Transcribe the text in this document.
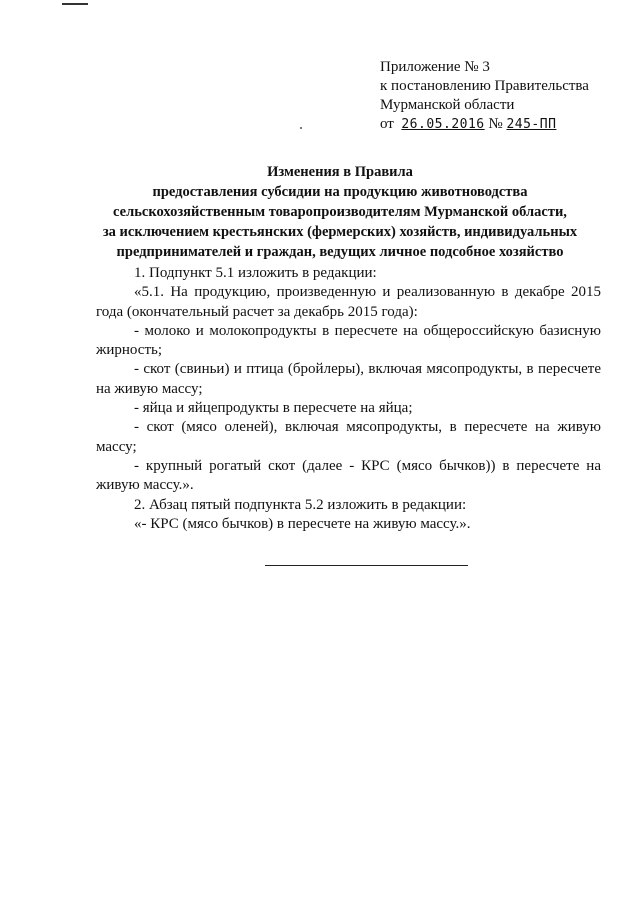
Приложение № 3
к постановлению Правительства
Мурманской области
от 26.05.2016 № 245-ПП
Изменения в Правила
предоставления субсидии на продукцию животноводства
сельскохозяйственным товаропроизводителям Мурманской области,
за исключением крестьянских (фермерских) хозяйств, индивидуальных
предпринимателей и граждан, ведущих личное подсобное хозяйство

1. Подпункт 5.1 изложить в редакции:

«5.1. На продукцию, произведенную и реализованную в декабре 2015 года (окончательный расчет за декабрь 2015 года):

- молоко и молокопродукты в пересчете на общероссийскую базисную жирность;

- скот (свиньи) и птица (бройлеры), включая мясопродукты, в пересчете на живую массу;

- яйца и яйцепродукты в пересчете на яйца;

- скот (мясо оленей), включая мясопродукты, в пересчете на живую массу;

- крупный рогатый скот (далее - КРС (мясо бычков)) в пересчете на живую массу.».

2. Абзац пятый подпункта 5.2 изложить в редакции:

«- КРС (мясо бычков) в пересчете на живую массу.».
